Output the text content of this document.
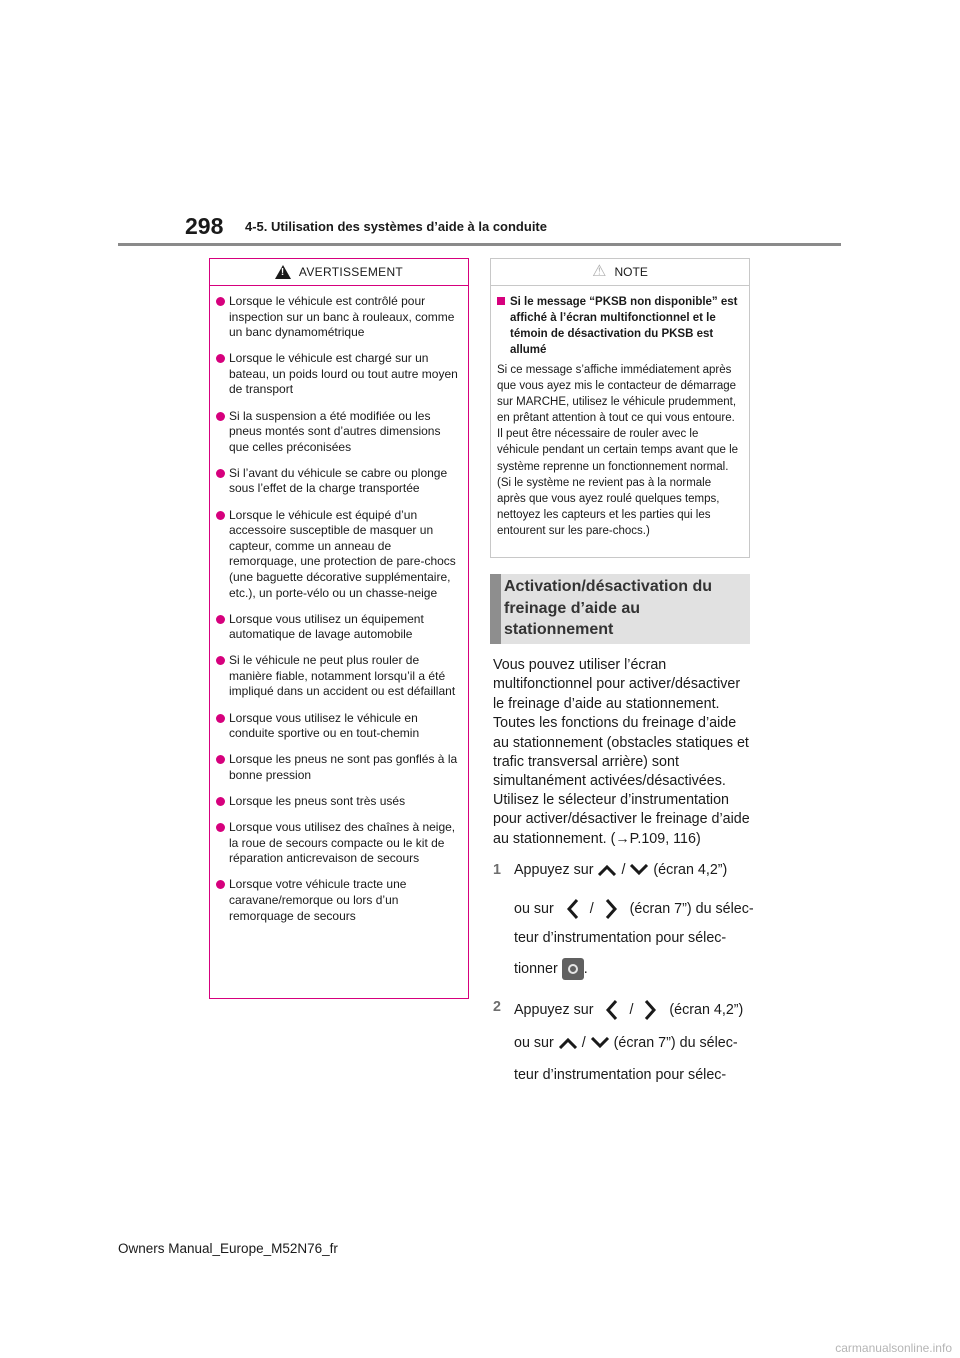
298 4-5. Utilisation des systèmes d’aide à la conduite
! AVERTISSEMENT
Lorsque le véhicule est contrôlé pour inspection sur un banc à rouleaux, comme un banc dynamométrique
Lorsque le véhicule est chargé sur un bateau, un poids lourd ou tout autre moyen de transport
Si la suspension a été modifiée ou les pneus montés sont d’autres dimensions que celles préconisées
Si l’avant du véhicule se cabre ou plonge sous l’effet de la charge transportée
Lorsque le véhicule est équipé d’un accessoire susceptible de masquer un capteur, comme un anneau de remorquage, une protection de pare-chocs (une baguette décorative supplémentaire, etc.), un porte-vélo ou un chasse-neige
Lorsque vous utilisez un équipement automatique de lavage automobile
Si le véhicule ne peut plus rouler de manière fiable, notamment lorsqu’il a été impliqué dans un accident ou est défaillant
Lorsque vous utilisez le véhicule en conduite sportive ou en tout-chemin
Lorsque les pneus ne sont pas gonflés à la bonne pression
Lorsque les pneus sont très usés
Lorsque vous utilisez des chaînes à neige, la roue de secours compacte ou le kit de réparation anticrevaison de secours
Lorsque votre véhicule tracte une caravane/remorque ou lors d’un remorquage de secours
⚠ NOTE
Si le message “PKSB non disponible” est affiché à l’écran multifonctionnel et le témoin de désactivation du PKSB est allumé
Si ce message s’affiche immédiatement après que vous ayez mis le contacteur de démarrage sur MARCHE, utilisez le véhicule prudemment, en prêtant attention à tout ce qui vous entoure. Il peut être nécessaire de rouler avec le véhicule pendant un certain temps avant que le système reprenne un fonctionnement normal. (Si le système ne revient pas à la normale après que vous ayez roulé quelques temps, nettoyez les capteurs et les parties qui les entourent sur les pare-chocs.)
Activation/désactivation du freinage d’aide au stationnement

Vous pouvez utiliser l’écran multifonctionnel pour activer/désactiver le freinage d’aide au stationnement. Toutes les fonctions du freinage d’aide au stationnement (obstacles statiques et trafic transversal arrière) sont simultanément activées/désactivées.

Utilisez le sélecteur d’instrumentation pour activer/désactiver le freinage d’aide au stationnement. (→P.109, 116)

1 Appuyez sur / (écran 4,2”)
ou sur	/	(écran 7”) du sélec-
teur d’instrumentation pour sélec-
tionner .
2 Appuyez sur	/	(écran 4,2”)
ou sur / (écran 7”) du sélec-
teur d’instrumentation pour sélec-
Owners Manual_Europe_M52N76_fr
carmanualsonline.info
